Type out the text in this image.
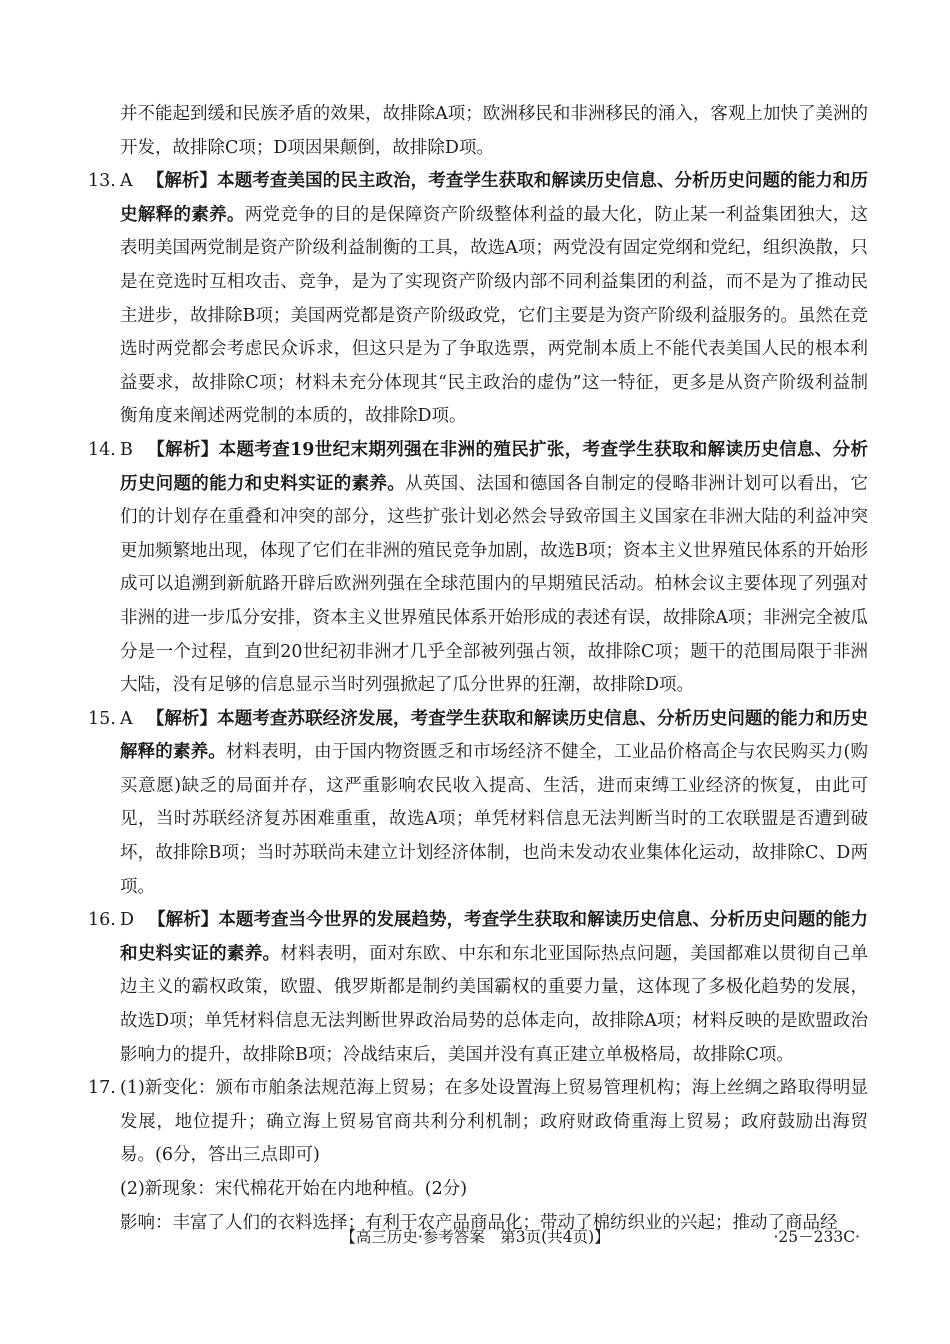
并不能起到缓和民族矛盾的效果，故排除A项；欧洲移民和非洲移民的涌入，客观上加快了美洲的开发，故排除C项；D项因果颠倒，故排除D项。

13. A 【解析】本题考查美国的民主政治，考查学生获取和解读历史信息、分析历史问题的能力和历史解释的素养。两党竞争的目的是保障资产阶级整体利益的最大化，防止某一利益集团独大，这表明美国两党制是资产阶级利益制衡的工具，故选A项；两党没有固定党纲和党纪，组织涣散，只是在竞选时互相攻击、竞争，是为了实现资产阶级内部不同利益集团的利益，而不是为了推动民主进步，故排除B项；美国两党都是资产阶级政党，它们主要是为资产阶级利益服务的。虽然在竞选时两党都会考虑民众诉求，但这只是为了争取选票，两党制本质上不能代表美国人民的根本利益要求，故排除C项；材料未充分体现其“民主政治的虚伪”这一特征，更多是从资产阶级利益制衡角度来阐述两党制的本质的，故排除D项。
14. B 【解析】本题考查19世纪末期列强在非洲的殖民扩张，考查学生获取和解读历史信息、分析历史问题的能力和史料实证的素养。从英国、法国和德国各自制定的侵略非洲计划可以看出，它们的计划存在重叠和冲突的部分，这些扩张计划必然会导致帝国主义国家在非洲大陆的利益冲突更加频繁地出现，体现了它们在非洲的殖民竞争加剧，故选B项；资本主义世界殖民体系的开始形成可以追溯到新航路开辟后欧洲列强在全球范围内的早期殖民活动。柏林会议主要体现了列强对非洲的进一步瓜分安排，资本主义世界殖民体系开始形成的表述有误，故排除A项；非洲完全被瓜分是一个过程，直到20世纪初非洲才几乎全部被列强占领，故排除C项；题干的范围局限于非洲大陆，没有足够的信息显示当时列强掀起了瓜分世界的狂潮，故排除D项。
15. A 【解析】本题考查苏联经济发展，考查学生获取和解读历史信息、分析历史问题的能力和历史解释的素养。材料表明，由于国内物资匮乏和市场经济不健全，工业品价格高企与农民购买力(购买意愿)缺乏的局面并存，这严重影响农民收入提高、生活，进而束缚工业经济的恢复，由此可见，当时苏联经济复苏困难重重，故选A项；单凭材料信息无法判断当时的工农联盟是否遭到破坏，故排除B项；当时苏联尚未建立计划经济体制，也尚未发动农业集体化运动，故排除C、D两项。
16. D 【解析】本题考查当今世界的发展趋势，考查学生获取和解读历史信息、分析历史问题的能力和史料实证的素养。材料表明，面对东欧、中东和东北亚国际热点问题，美国都难以贯彻自己单边主义的霸权政策，欧盟、俄罗斯都是制约美国霸权的重要力量，这体现了多极化趋势的发展，故选D项；单凭材料信息无法判断世界政治局势的总体走向，故排除A项；材料反映的是欧盟政治影响力的提升，故排除B项；冷战结束后，美国并没有真正建立单极格局，故排除C项。
17. (1)新变化：颁布市舶条法规范海上贸易；在多处设置海上贸易管理机构；海上丝绸之路取得明显发展，地位提升；确立海上贸易官商共利分利机制；政府财政倚重海上贸易；政府鼓励出海贸易。(6分，答出三点即可)

(2)新现象：宋代棉花开始在内地种植。(2分)

影响：丰富了人们的衣料选择；有利于农产品商品化；带动了棉纺织业的兴起；推动了商品经

【高三历史·参考答案　第3页(共4页)】	·25－233C·
